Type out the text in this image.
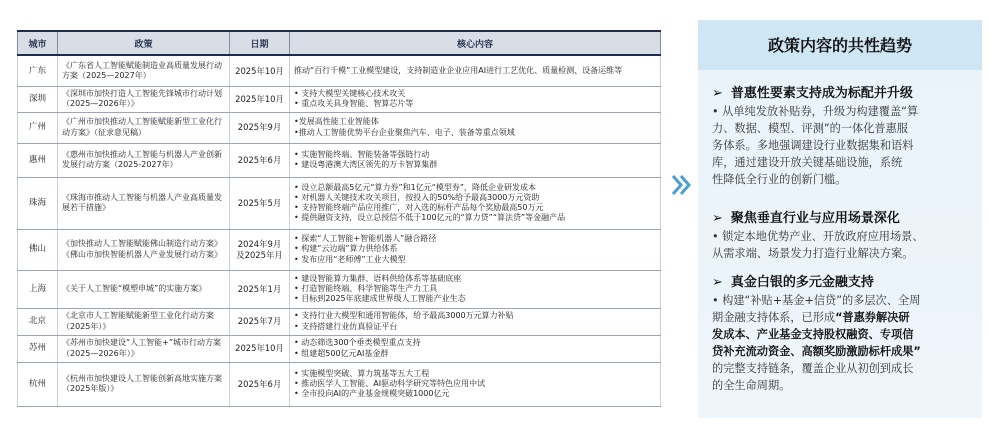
城市	政策	日期	核心内容
广东	《广东省人工智能赋能制造业高质量发展行动方案（2025—2027年）	2025年10月	推动“百行千模”工业模型建设，支持制造业企业应用AI进行工艺优化、质量检测、设备运维等

深圳	《深圳市加快打造人工智能先锋城市行动计划（2025—2026年）》	2025年10月	• 支持大模型关键核心技术攻关
• 重点攻关具身智能、智算芯片等

广州	《广州市加快推动人工智能赋能新型工业化行动方案》（征求意见稿）	2025年9月	•发展高性能工业智能体
•推动人工智能优势平台企业聚焦汽车、电子、装备等重点领域

惠州	《惠州市加快推动人工智能与机器人产业创新发展行动方案（2025-2027年）	2025年6月	• 实施智能终端、智能装备等强链行动
• 建设粤港澳大湾区领先的万卡智算集群

珠海	《珠海市推动人工智能与机器人产业高质量发展若干措施》	2025年5月	• 设立总额最高5亿元“算力券”和1亿元“模型券”，降低企业研发成本
• 对机器人关键技术攻关项目，按投入的50%给予最高3000万元资助
• 支持智能终端产品应用推广，对入选的标杆产品每个奖励最高50万元
• 提供融资支持，设立总授信不低于100亿元的“算力贷”“算法贷”等金融产品

佛山	《加快推动人工智能赋能佛山制造行动方案》《佛山市加快智能机器人产业发展行动方案》	2024年9月及2025年月	• 探索“人工智能+智能机器人”融合路径
• 构建“云边端”算力供给体系
• 发布应用“老师傅”工业大模型

上海	《关于人工智能“模塑申城”的实施方案》	2025年1月	• 建设智能算力集群、语料供给体系等基础底座
• 打造智能终端、科学智能等生产力工具
• 目标到2025年底建成世界级人工智能产业生态

北京	《北京市人工智能赋能新型工业化行动方案（2025年）》	2025年7月	• 支持行业大模型和通用智能体，给予最高3000万元算力补贴
• 支持搭建行业仿真验证平台

苏州	《苏州市加快建设“人工智能+”城市行动方案（2025—2026年）》	2025年10月	• 动态筛选300个垂类模型重点支持
• 组建超500亿元AI基金群

杭州	《杭州市加快建设人工智能创新高地实施方案（2025年版）》	2025年6月	• 实施模型突破、算力筑基等五大工程
• 推动医学人工智能、AI驱动科学研究等特色应用中试
• 全市投向AI的产业基金规模突破1000亿元
政策内容的共性趋势
➢ 普惠性要素支持成为标配并升级
• 从单纯发放补贴券，升级为构建覆盖“算
力、数据、模型、评测”的一体化普惠服
务体系。多地强调建设行业数据集和语料
库，通过建设开放关键基础设施，系统
性降低全行业的创新门槛。
➢ 聚焦垂直行业与应用场景深化
• 锁定本地优势产业、开放政府应用场景、
从需求端、场景发力打造行业解决方案。
➢ 真金白银的多元金融支持
• 构建“补贴+基金+信贷”的多层次、全周
期金融支持体系，已形成“普惠券解决研
发成本、产业基金支持股权融资、专项信
贷补充流动资金、高额奖励激励标杆成果”
的完整支持链条，覆盖企业从初创到成长
的全生命周期。
